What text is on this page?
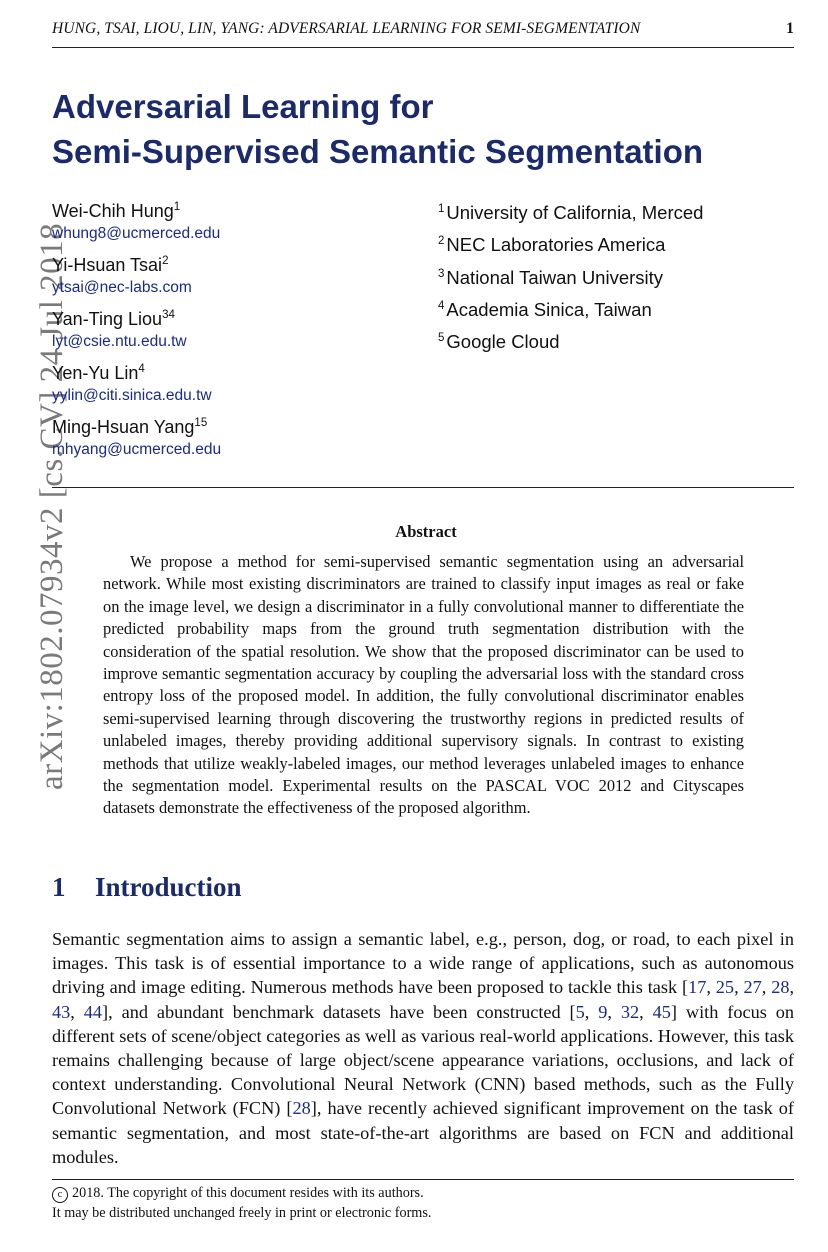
HUNG, TSAI, LIOU, LIN, YANG: ADVERSARIAL LEARNING FOR SEMI-SEGMENTATION	1
arXiv:1802.07934v2 [cs.CV] 24 Jul 2018
Adversarial Learning for
Semi-Supervised Semantic Segmentation
Wei-Chih Hung$^1$
whung8@ucmerced.edu
Yi-Hsuan Tsai$^2$
ytsai@nec-labs.com
Yan-Ting Liou$^{34}$
lyt@csie.ntu.edu.tw
Yen-Yu Lin$^4$
yylin@citi.sinica.edu.tw
Ming-Hsuan Yang$^{15}$
mhyang@ucmerced.edu
$^1$ University of California, Merced
$^2$ NEC Laboratories America
$^3$ National Taiwan University
$^4$ Academia Sinica, Taiwan
$^5$ Google Cloud
Abstract

We propose a method for semi-supervised semantic segmentation using an adversarial network. While most existing discriminators are trained to classify input images as real or fake on the image level, we design a discriminator in a fully convolutional manner to differentiate the predicted probability maps from the ground truth segmentation distribution with the consideration of the spatial resolution. We show that the proposed discriminator can be used to improve semantic segmentation accuracy by coupling the adversarial loss with the standard cross entropy loss of the proposed model. In addition, the fully convolutional discriminator enables semi-supervised learning through discovering the trustworthy regions in predicted results of unlabeled images, thereby providing additional supervisory signals. In contrast to existing methods that utilize weakly-labeled images, our method leverages unlabeled images to enhance the segmentation model. Experimental results on the PASCAL VOC 2012 and Cityscapes datasets demonstrate the effectiveness of the proposed algorithm.

1 Introduction

Semantic segmentation aims to assign a semantic label, e.g., person, dog, or road, to each pixel in images. This task is of essential importance to a wide range of applications, such as autonomous driving and image editing. Numerous methods have been proposed to tackle this task [17, 25, 27, 28, 43, 44], and abundant benchmark datasets have been constructed [5, 9, 32, 45] with focus on different sets of scene/object categories as well as various real-world applications. However, this task remains challenging because of large object/scene appearance variations, occlusions, and lack of context understanding. Convolutional Neural Network (CNN) based methods, such as the Fully Convolutional Network (FCN) [28], have recently achieved significant improvement on the task of semantic segmentation, and most state-of-the-art algorithms are based on FCN and additional modules.

c 2018. The copyright of this document resides with its authors.
It may be distributed unchanged freely in print or electronic forms.
